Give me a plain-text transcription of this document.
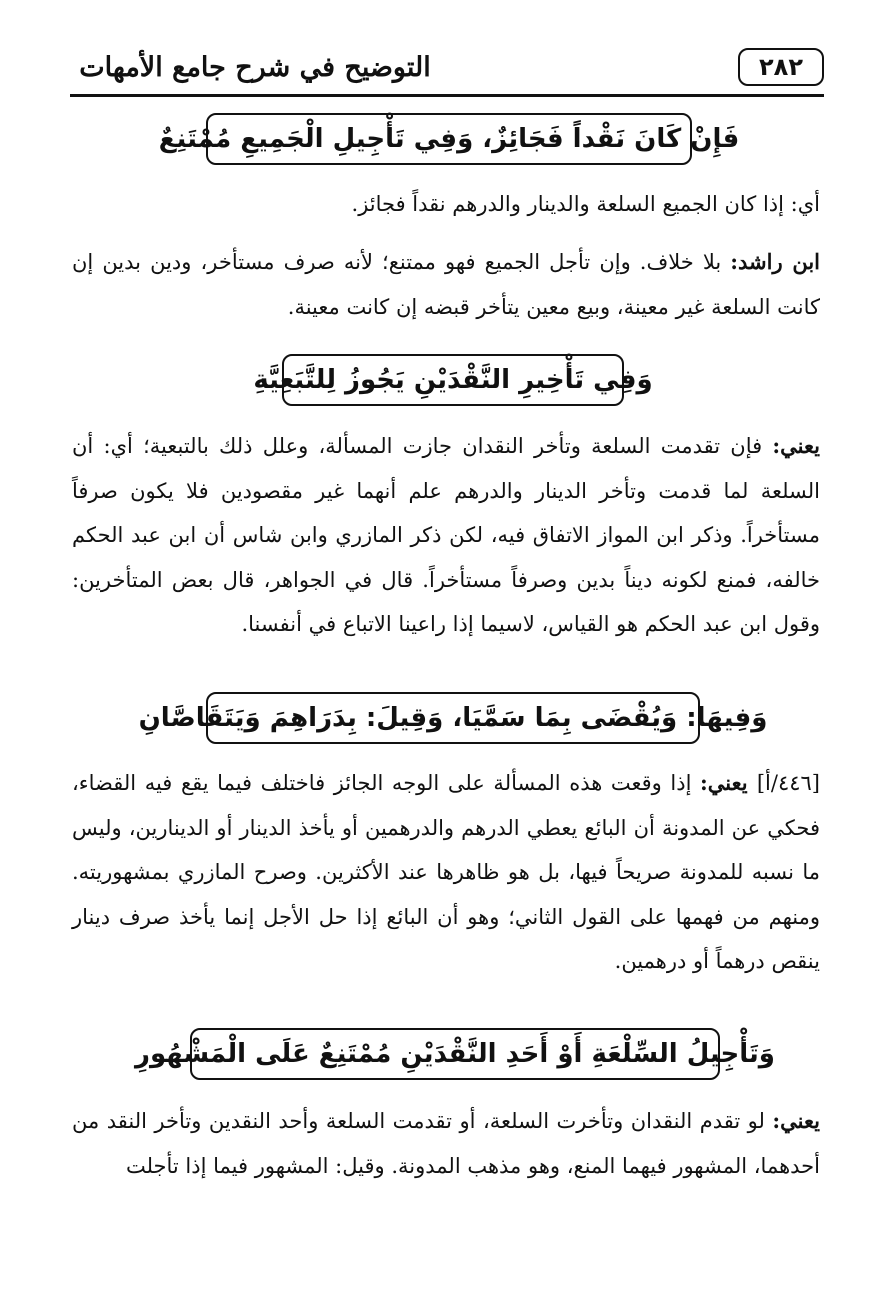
٢٨٢
التوضيح في شرح جامع الأمهات
فَإِنْ كَانَ نَقْداً فَجَائِزٌ، وَفِي تَأْجِيلِ الْجَمِيعِ مُمْتَنِعٌ

أي: إذا كان الجميع السلعة والدينار والدرهم نقداً فجائز.

ابن راشد: بلا خلاف. وإن تأجل الجميع فهو ممتنع؛ لأنه صرف مستأخر، ودين بدين إن كانت السلعة غير معينة، وبيع معين يتأخر قبضه إن كانت معينة.

وَفِي تَأْخِيرِ النَّقْدَيْنِ يَجُوزُ لِلتَّبَعِيَّةِ

يعني: فإن تقدمت السلعة وتأخر النقدان جازت المسألة، وعلل ذلك بالتبعية؛ أي: أن السلعة لما قدمت وتأخر الدينار والدرهم علم أنهما غير مقصودين فلا يكون صرفاً مستأخراً. وذكر ابن المواز الاتفاق فيه، لكن ذكر المازري وابن شاس أن ابن عبد الحكم خالفه، فمنع لكونه ديناً بدين وصرفاً مستأخراً. قال في الجواهر، قال بعض المتأخرين: وقول ابن عبد الحكم هو القياس، لاسيما إذا راعينا الاتباع في أنفسنا.

وَفِيهَا: وَيُقْضَى بِمَا سَمَّيَا، وَقِيلَ: بِدَرَاهِمَ وَيَتَقَاصَّانِ

[٤٤٦/أ] يعني: إذا وقعت هذه المسألة على الوجه الجائز فاختلف فيما يقع فيه القضاء، فحكي عن المدونة أن البائع يعطي الدرهم والدرهمين أو يأخذ الدينار أو الدينارين، وليس ما نسبه للمدونة صريحاً فيها، بل هو ظاهرها عند الأكثرين. وصرح المازري بمشهوريته. ومنهم من فهمها على القول الثاني؛ وهو أن البائع إذا حل الأجل إنما يأخذ صرف دينار ينقص درهماً أو درهمين.

وَتَأْجِيلُ السِّلْعَةِ أَوْ أَحَدِ النَّقْدَيْنِ مُمْتَنِعٌ عَلَى الْمَشْهُورِ

يعني: لو تقدم النقدان وتأخرت السلعة، أو تقدمت السلعة وأحد النقدين وتأخر النقد من أحدهما، المشهور فيهما المنع، وهو مذهب المدونة. وقيل: المشهور فيما إذا تأجلت
